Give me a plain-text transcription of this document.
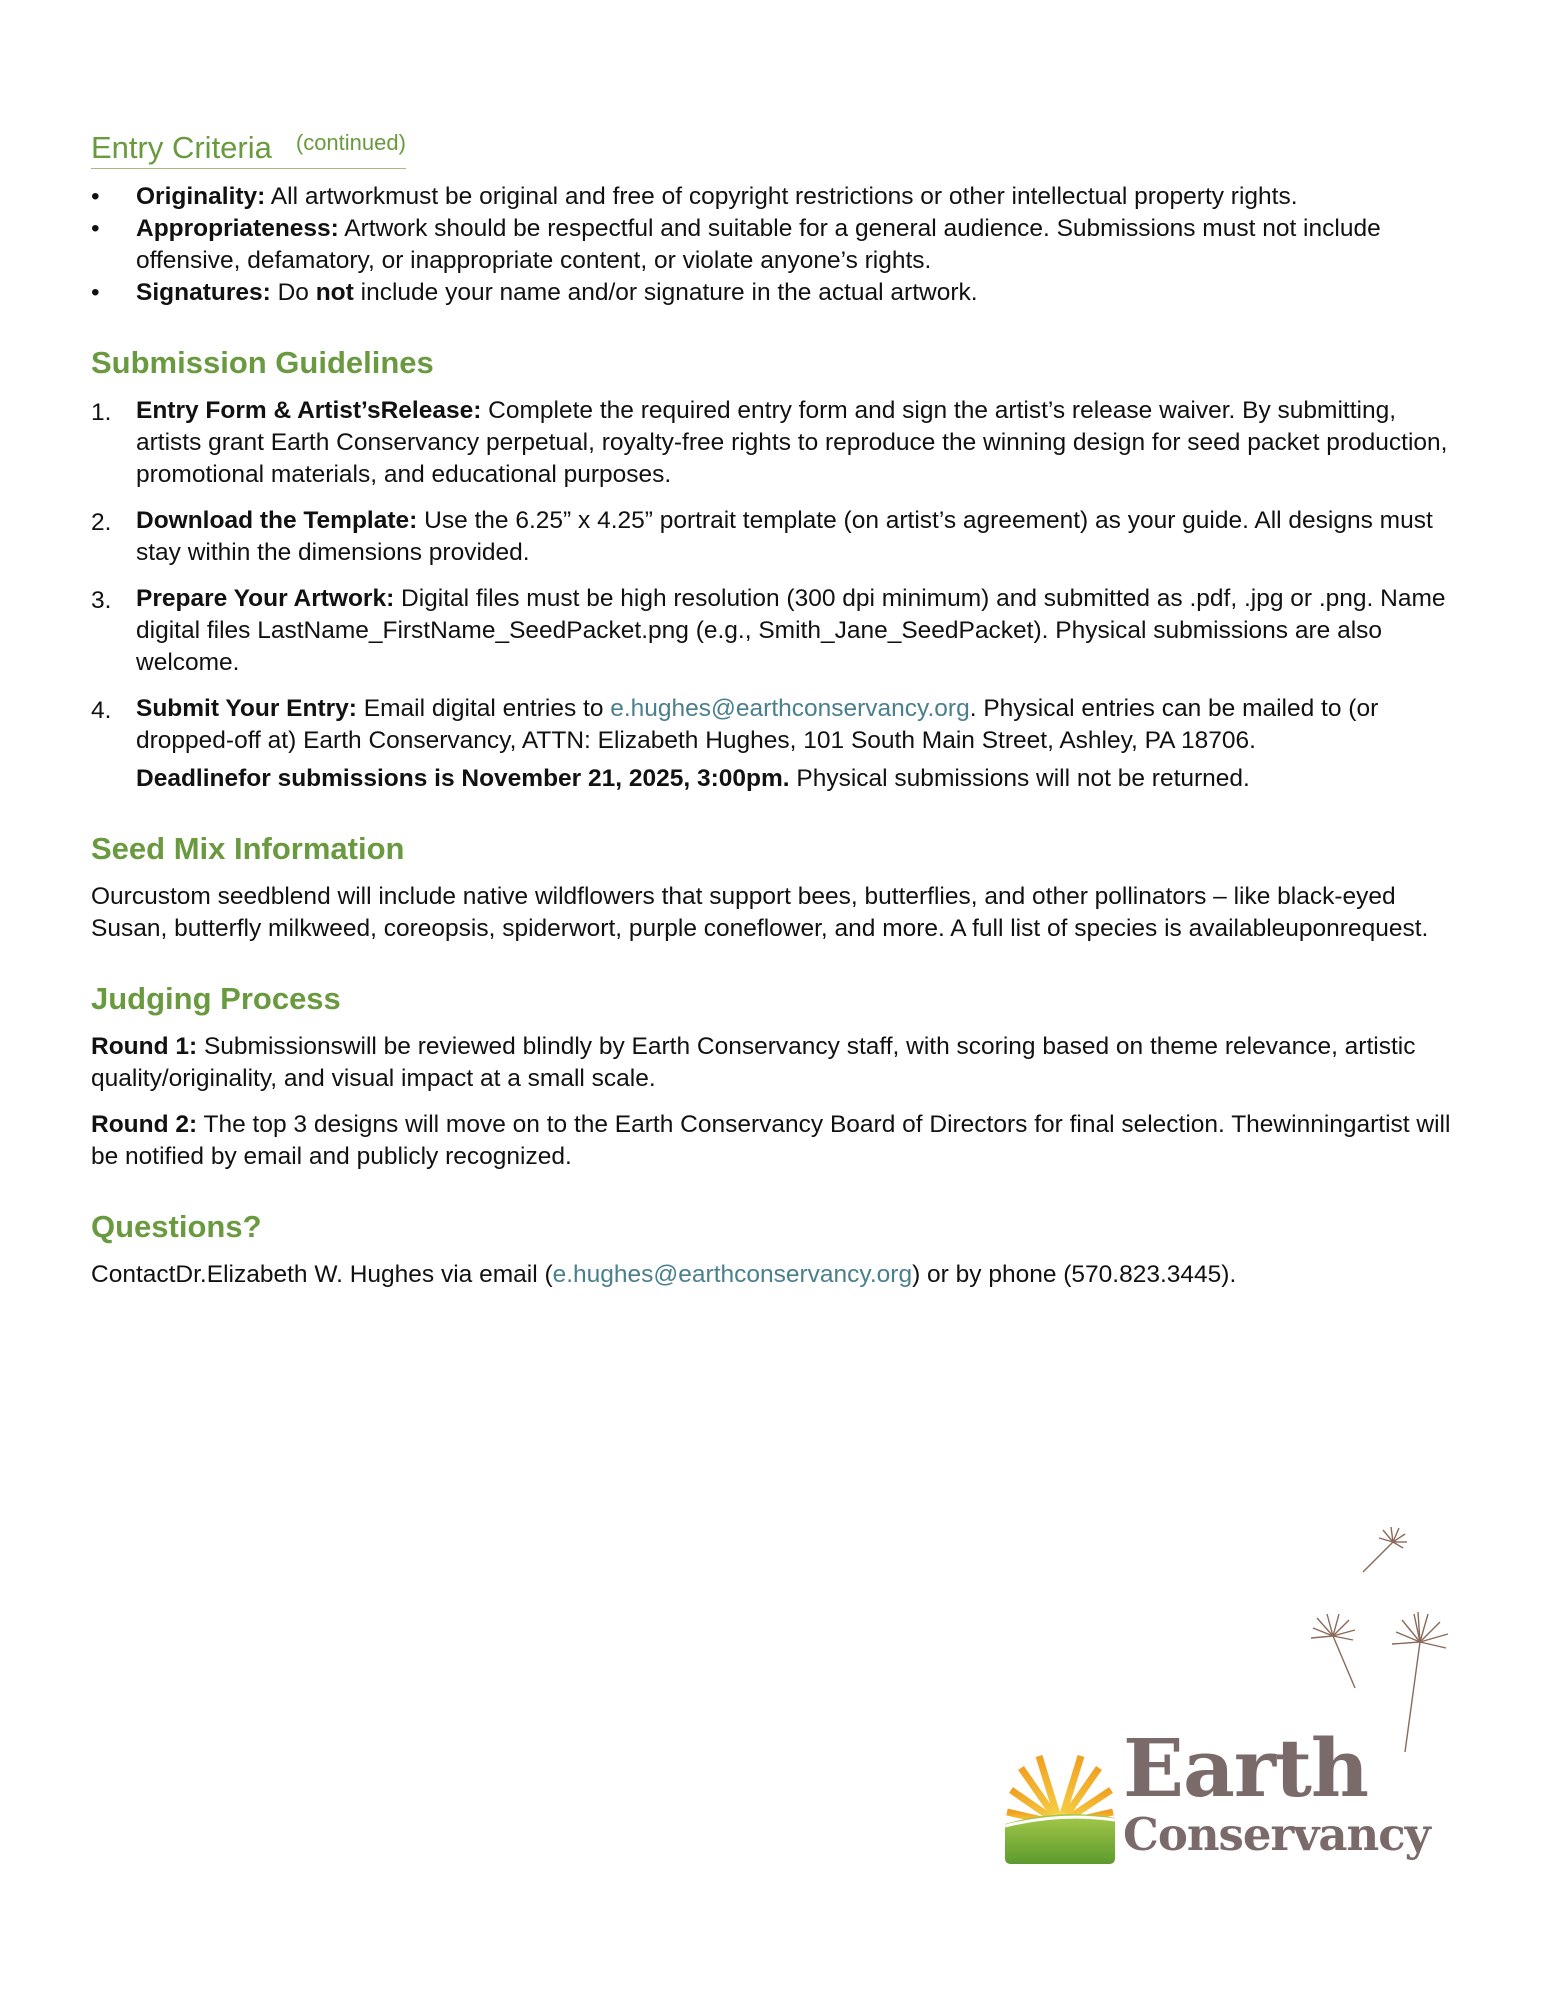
Entry Criteria (continued)
•	Originality: All artworkmust be original and free of copyright restrictions or other intellectual property rights.
•	Appropriateness: Artwork should be respectful and suitable for a general audience. Submissions must not include offensive, defamatory, or inappropriate content, or violate anyone’s rights.
•	Signatures: Do not include your name and/or signature in the actual artwork.
Submission Guidelines
1. Entry Form & Artist’sRelease: Complete the required entry form and sign the artist’s release waiver. By submitting, artists grant Earth Conservancy perpetual, royalty-free rights to reproduce the winning design for seed packet production, promotional materials, and educational purposes.
2. Download the Template: Use the 6.25” x 4.25” portrait template (on artist’s agreement) as your guide. All designs must stay within the dimensions provided.
3. Prepare Your Artwork: Digital files must be high resolution (300 dpi minimum) and submitted as .pdf, .jpg or .png. Name digital files LastName_FirstName_SeedPacket.png (e.g., Smith_Jane_SeedPacket). Physical submissions are also welcome.
4. Submit Your Entry: Email digital entries to e.hughes@earthconservancy.org. Physical entries can be mailed to (or dropped-off at) Earth Conservancy, ATTN: Elizabeth Hughes, 101 South Main Street, Ashley, PA 18706.
Deadlinefor submissions is November 21, 2025, 3:00pm. Physical submissions will not be returned.
Seed Mix Information

Ourcustom seedblend will include native wildflowers that support bees, butterflies, and other pollinators – like black-eyed Susan, butterfly milkweed, coreopsis, spiderwort, purple coneflower, and more. A full list of species is availableuponrequest.

Judging Process

Round 1: Submissionswill be reviewed blindly by Earth Conservancy staff, with scoring based on theme relevance, artistic quality/originality, and visual impact at a small scale.

Round 2: The top 3 designs will move on to the Earth Conservancy Board of Directors for final selection. Thewinningartist will be notified by email and publicly recognized.

Questions?

ContactDr.Elizabeth W. Hughes via email (e.hughes@earthconservancy.org) or by phone (570.823.3445).

Earth
Conservancy
